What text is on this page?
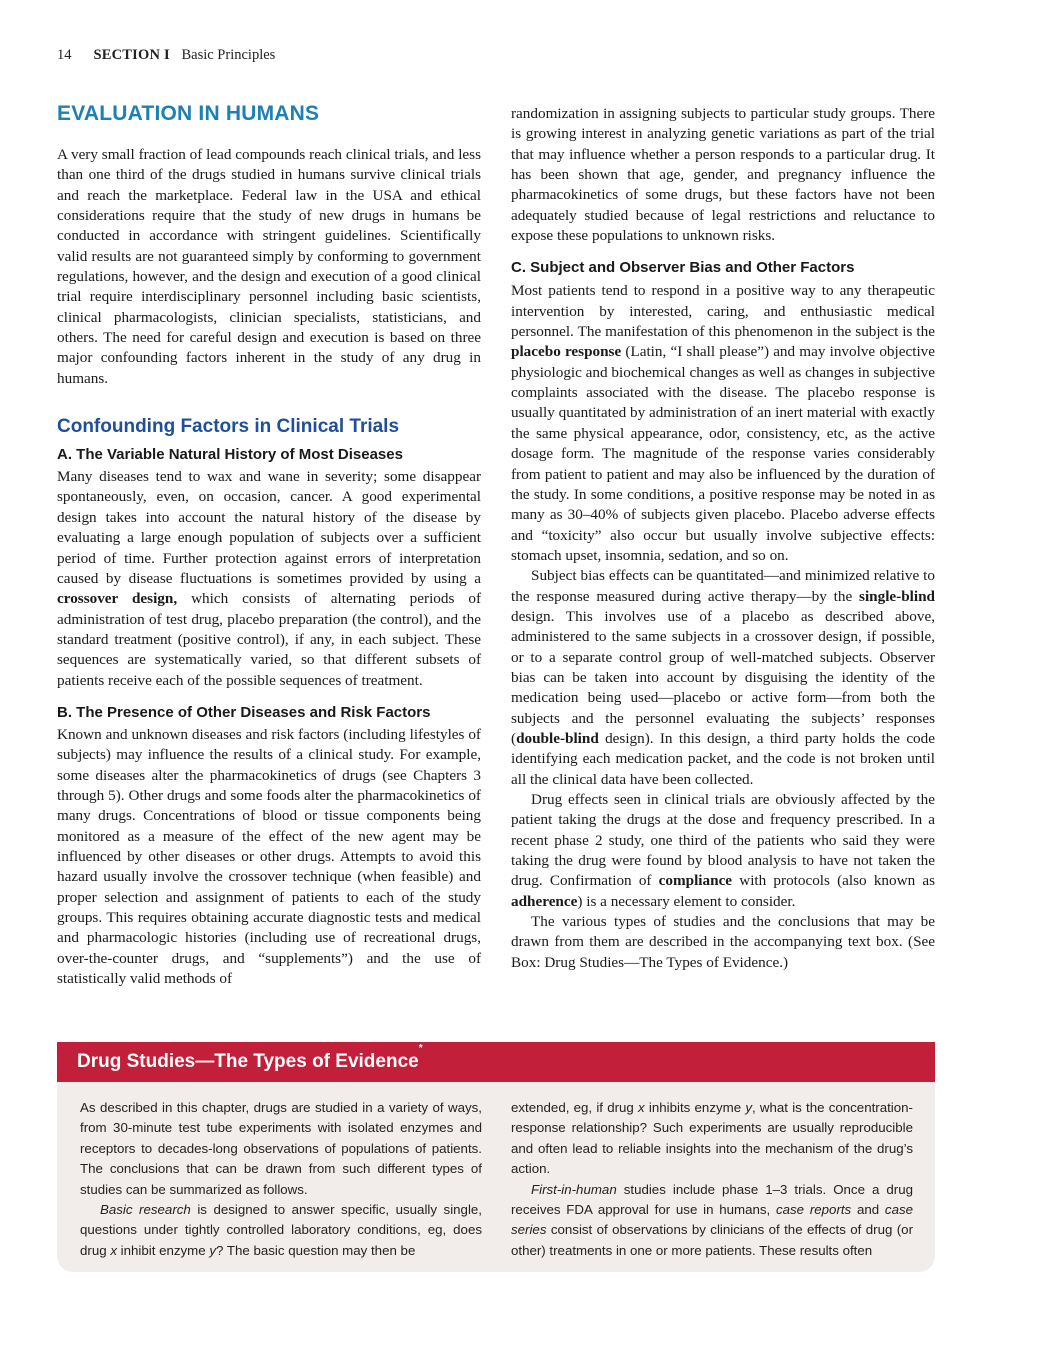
14 SECTION I Basic Principles
EVALUATION IN HUMANS

A very small fraction of lead compounds reach clinical trials, and less than one third of the drugs studied in humans survive clinical trials and reach the marketplace. Federal law in the USA and ethical considerations require that the study of new drugs in humans be conducted in accordance with stringent guidelines. Scientifically valid results are not guaranteed simply by conforming to government regulations, however, and the design and execution of a good clinical trial require interdisciplinary personnel including basic scientists, clinical pharmacologists, clinician specialists, statisticians, and others. The need for careful design and execution is based on three major confounding factors inherent in the study of any drug in humans.

Confounding Factors in Clinical Trials
A. The Variable Natural History of Most Diseases

Many diseases tend to wax and wane in severity; some disappear spontaneously, even, on occasion, cancer. A good experimental design takes into account the natural history of the disease by evaluating a large enough population of subjects over a sufficient period of time. Further protection against errors of interpretation caused by disease fluctuations is sometimes provided by using a crossover design, which consists of alternating periods of administration of test drug, placebo preparation (the control), and the standard treatment (positive control), if any, in each subject. These sequences are systematically varied, so that different subsets of patients receive each of the possible sequences of treatment.

B. The Presence of Other Diseases and Risk Factors

Known and unknown diseases and risk factors (including lifestyles of subjects) may influence the results of a clinical study. For example, some diseases alter the pharmacokinetics of drugs (see Chapters 3 through 5). Other drugs and some foods alter the pharmacokinetics of many drugs. Concentrations of blood or tissue components being monitored as a measure of the effect of the new agent may be influenced by other diseases or other drugs. Attempts to avoid this hazard usually involve the crossover technique (when feasible) and proper selection and assignment of patients to each of the study groups. This requires obtaining accurate diagnostic tests and medical and pharmacologic histories (including use of recreational drugs, over-the-counter drugs, and “supplements”) and the use of statistically valid methods of

randomization in assigning subjects to particular study groups. There is growing interest in analyzing genetic variations as part of the trial that may influence whether a person responds to a particular drug. It has been shown that age, gender, and pregnancy influence the pharmacokinetics of some drugs, but these factors have not been adequately studied because of legal restrictions and reluctance to expose these populations to unknown risks.

C. Subject and Observer Bias and Other Factors

Most patients tend to respond in a positive way to any therapeutic intervention by interested, caring, and enthusiastic medical personnel. The manifestation of this phenomenon in the subject is the placebo response (Latin, “I shall please”) and may involve objective physiologic and biochemical changes as well as changes in subjective complaints associated with the disease. The placebo response is usually quantitated by administration of an inert material with exactly the same physical appearance, odor, consistency, etc, as the active dosage form. The magnitude of the response varies considerably from patient to patient and may also be influenced by the duration of the study. In some conditions, a positive response may be noted in as many as 30–40% of subjects given placebo. Placebo adverse effects and “toxicity” also occur but usually involve subjective effects: stomach upset, insomnia, sedation, and so on.

Subject bias effects can be quantitated—and minimized relative to the response measured during active therapy—by the single-blind design. This involves use of a placebo as described above, administered to the same subjects in a crossover design, if possible, or to a separate control group of well-matched subjects. Observer bias can be taken into account by disguising the identity of the medication being used—placebo or active form—from both the subjects and the personnel evaluating the subjects’ responses (double-blind design). In this design, a third party holds the code identifying each medication packet, and the code is not broken until all the clinical data have been collected.

Drug effects seen in clinical trials are obviously affected by the patient taking the drugs at the dose and frequency prescribed. In a recent phase 2 study, one third of the patients who said they were taking the drug were found by blood analysis to have not taken the drug. Confirmation of compliance with protocols (also known as adherence) is a necessary element to consider.

The various types of studies and the conclusions that may be drawn from them are described in the accompanying text box. (See Box: Drug Studies—The Types of Evidence.)

Drug Studies—The Types of Evidence*

As described in this chapter, drugs are studied in a variety of ways, from 30-minute test tube experiments with isolated enzymes and receptors to decades-long observations of populations of patients. The conclusions that can be drawn from such different types of studies can be summarized as follows.

Basic research is designed to answer specific, usually single, questions under tightly controlled laboratory conditions, eg, does drug x inhibit enzyme y? The basic question may then be

extended, eg, if drug x inhibits enzyme y, what is the concentration-response relationship? Such experiments are usually reproducible and often lead to reliable insights into the mechanism of the drug’s action.

First-in-human studies include phase 1–3 trials. Once a drug receives FDA approval for use in humans, case reports and case series consist of observations by clinicians of the effects of drug (or other) treatments in one or more patients. These results often
